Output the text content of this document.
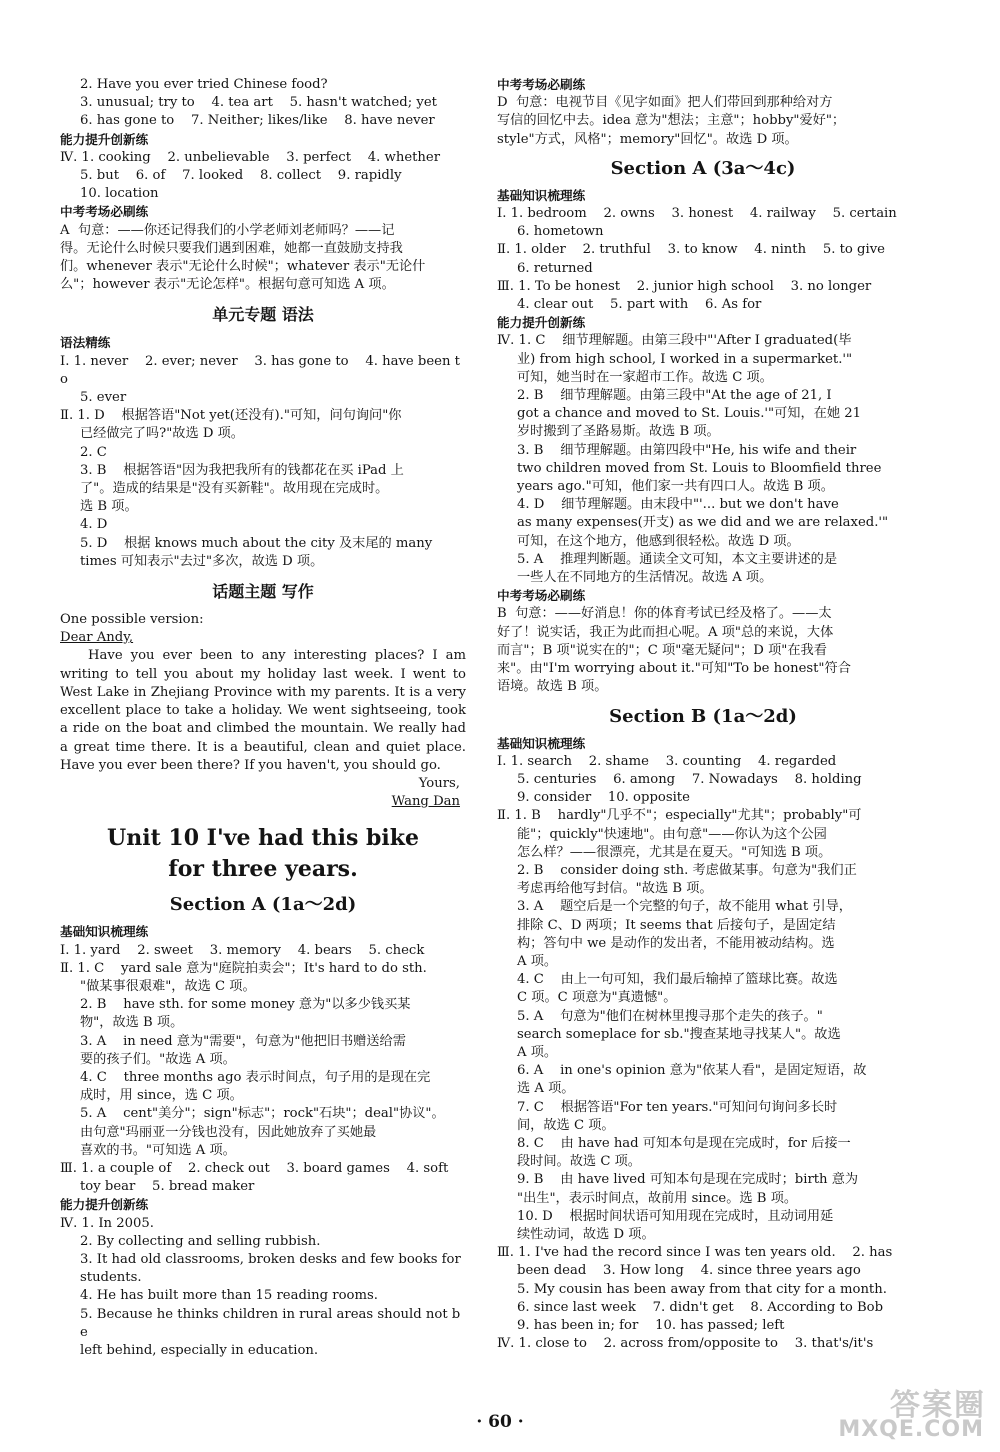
2. Have you ever tried Chinese food?
3. unusual; try to    4. tea art    5. hasn't watched; yet
6. has gone to    7. Neither; likes/like    8. have never
能力提升创新练
Ⅳ. 1. cooking    2. unbelievable    3. perfect    4. whether
5. but    6. of    7. looked    8. collect    9. rapidly
10. location
中考考场必刷练
A  句意：——你还记得我们的小学老师刘老师吗？——记
得。无论什么时候只要我们遇到困难，她都一直鼓励支持我
们。whenever 表示"无论什么时候"；whatever 表示"无论什
么"；however 表示"无论怎样"。根据句意可知选 A 项。
单元专题 语法
语法精练
Ⅰ. 1. never    2. ever; never    3. has gone to    4. have been to
5. ever
Ⅱ. 1. D    根据答语"Not yet(还没有)."可知，问句询问"你
已经做完了吗?"故选 D 项。
2. C
3. B    根据答语"因为我把我所有的钱都花在买 iPad 上
了"。造成的结果是"没有买新鞋"。故用现在完成时。
选 B 项。
4. D
5. D    根据 knows much about the city 及末尾的 many
times 可知表示"去过"多次，故选 D 项。
话题主题 写作
One possible version:
Dear Andy,
Have you ever been to any interesting places? I am writing to tell you about my holiday last week. I went to West Lake in Zhejiang Province with my parents. It is a very excellent place to take a holiday. We went sightseeing, took a ride on the boat and climbed the mountain. We really had a great time there. It is a beautiful, clean and quiet place. Have you ever been there? If you haven't, you should go.
Yours,
Wang Dan
Unit 10 I've had this bike
for three years.
Section A (1a～2d)
基础知识梳理练
Ⅰ. 1. yard    2. sweet    3. memory    4. bears    5. check
Ⅱ. 1. C    yard sale 意为"庭院拍卖会"；It's hard to do sth.
"做某事很艰难"，故选 C 项。
2. B    have sth. for some money 意为"以多少钱买某
物"，故选 B 项。
3. A    in need 意为"需要"，句意为"他把旧书赠送给需
要的孩子们。"故选 A 项。
4. C    three months ago 表示时间点，句子用的是现在完
成时，用 since，选 C 项。
5. A    cent"美分"；sign"标志"；rock"石块"；deal"协议"。
由句意"玛丽亚一分钱也没有，因此她放弃了买她最
喜欢的书。"可知选 A 项。
Ⅲ. 1. a couple of    2. check out    3. board games    4. soft
toy bear    5. bread maker
能力提升创新练
Ⅳ. 1. In 2005.
2. By collecting and selling rubbish.
3. It had old classrooms, broken desks and few books for
students.
4. He has built more than 15 reading rooms.
5. Because he thinks children in rural areas should not be
left behind, especially in education.
中考考场必刷练
D  句意：电视节目《见字如面》把人们带回到那种给对方
写信的回忆中去。idea 意为"想法；主意"；hobby"爱好"；
style"方式，风格"；memory"回忆"。故选 D 项。
Section A (3a～4c)
基础知识梳理练
Ⅰ. 1. bedroom    2. owns    3. honest    4. railway    5. certain
6. hometown
Ⅱ. 1. older    2. truthful    3. to know    4. ninth    5. to give
6. returned
Ⅲ. 1. To be honest    2. junior high school    3. no longer
4. clear out    5. part with    6. As for
能力提升创新练
Ⅳ. 1. C    细节理解题。由第三段中"'After I graduated(毕
业) from high school, I worked in a supermarket.'"
可知，她当时在一家超市工作。故选 C 项。
2. B    细节理解题。由第三段中"At the age of 21, I
got a chance and moved to St. Louis.'"可知，在她 21
岁时搬到了圣路易斯。故选 B 项。
3. B    细节理解题。由第四段中"He, his wife and their
two children moved from St. Louis to Bloomfield three
years ago."可知，他们家一共有四口人。故选 B 项。
4. D    细节理解题。由末段中"'... but we don't have
as many expenses(开支) as we did and we are relaxed.'"
可知，在这个地方，他感到很轻松。故选 D 项。
5. A    推理判断题。通读全文可知，本文主要讲述的是
一些人在不同地方的生活情况。故选 A 项。
中考考场必刷练
B  句意：——好消息！你的体育考试已经及格了。——太
好了！说实话，我正为此而担心呢。A 项"总的来说，大体
而言"；B 项"说实在的"；C 项"毫无疑问"；D 项"在我看
来"。由"I'm worrying about it."可知"To be honest"符合
语境。故选 B 项。
Section B (1a～2d)
基础知识梳理练
Ⅰ. 1. search    2. shame    3. counting    4. regarded
5. centuries    6. among    7. Nowadays    8. holding
9. consider    10. opposite
Ⅱ. 1. B    hardly"几乎不"；especially"尤其"；probably"可
能"；quickly"快速地"。由句意"——你认为这个公园
怎么样？——很漂亮，尤其是在夏天。"可知选 B 项。
2. B    consider doing sth. 考虑做某事。句意为"我们正
考虑再给他写封信。"故选 B 项。
3. A    题空后是一个完整的句子，故不能用 what 引导，
排除 C、D 两项；It seems that 后接句子，是固定结
构；答句中 we 是动作的发出者，不能用被动结构。选
A 项。
4. C    由上一句可知，我们最后输掉了篮球比赛。故选
C 项。C 项意为"真遗憾"。
5. A    句意为"他们在树林里搜寻那个走失的孩子。"
search someplace for sb."搜查某地寻找某人"。故选
A 项。
6. A    in one's opinion 意为"依某人看"，是固定短语，故
选 A 项。
7. C    根据答语"For ten years."可知问句询问多长时
间，故选 C 项。
8. C    由 have had 可知本句是现在完成时，for 后接一
段时间。故选 C 项。
9. B    由 have lived 可知本句是现在完成时；birth 意为
"出生"，表示时间点，故前用 since。选 B 项。
10. D    根据时间状语可知用现在完成时，且动词用延
续性动词，故选 D 项。
Ⅲ. 1. I've had the record since I was ten years old.    2. has
been dead    3. How long    4. since three years ago
5. My cousin has been away from that city for a month.
6. since last week    7. didn't get    8. According to Bob
9. has been in; for    10. has passed; left
Ⅳ. 1. close to    2. across from/opposite to    3. that's/it's
· 60 ·	答案圈
MXQE.COM
